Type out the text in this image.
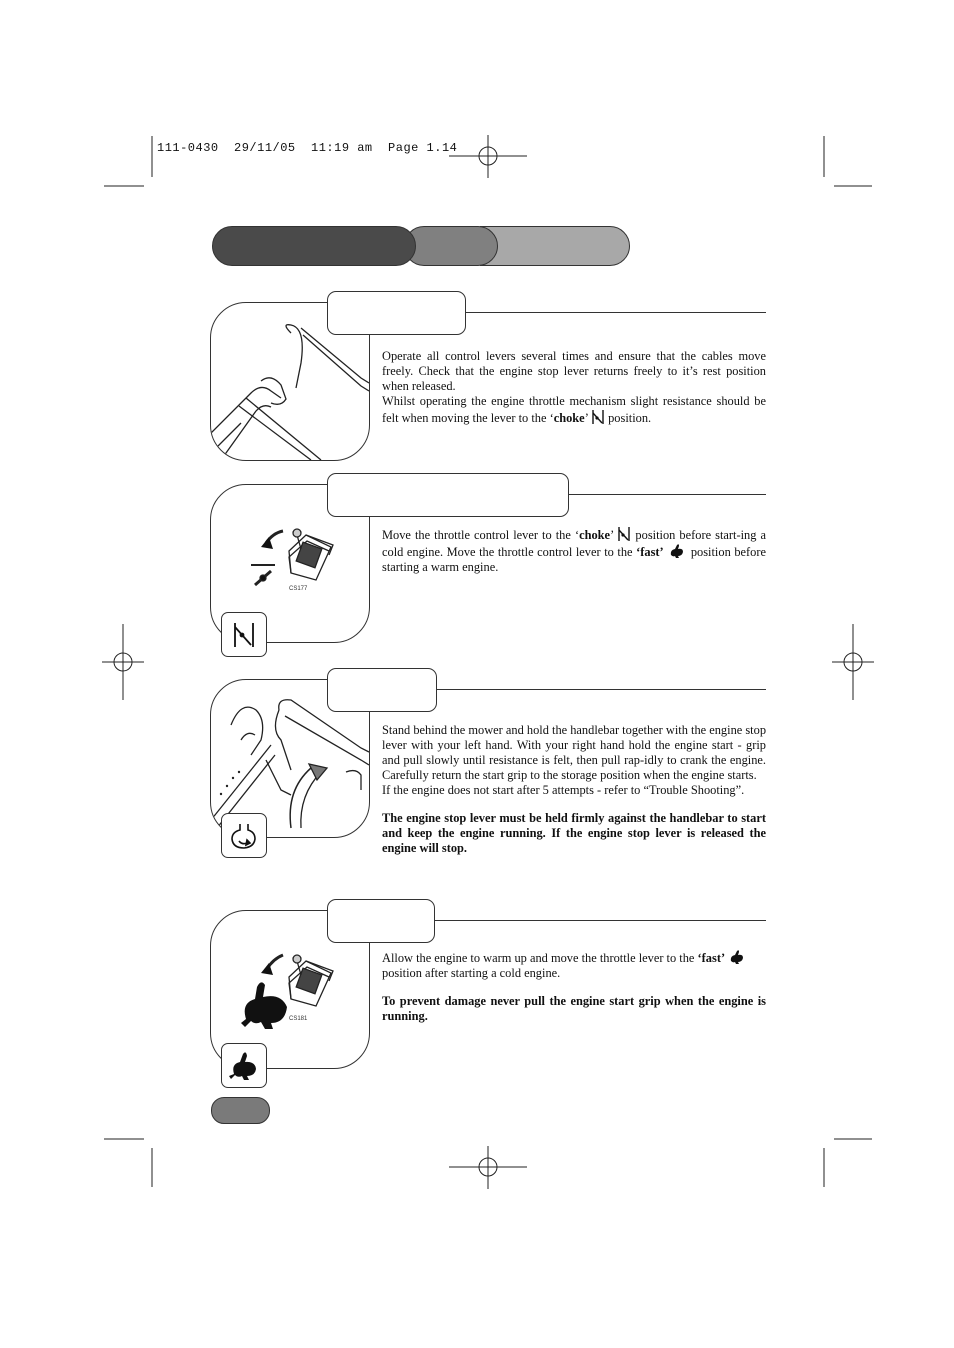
111-0430  29/11/05  11:19 am  Page 1.14

Operate all control levers several times and ensure that the cables move freely. Check that the engine stop lever returns freely to it’s rest position when released.

Whilst operating the engine throttle mechanism slight resistance should be felt when moving the lever to the ‘choke’  position.

CS177

Move the throttle control lever to the ‘choke’  position before start-ing a cold engine. Move the throttle control lever to the ‘fast’  position before starting a warm engine.

Stand behind the mower and hold the handlebar together with the engine stop lever with your left hand. With your right hand hold the engine start - grip and pull slowly until resistance is felt, then pull rap-idly to crank the engine. Carefully return the start grip to the storage position when the engine starts.

If the engine does not start after 5 attempts - refer to “Trouble Shooting”.

The engine stop lever must be held firmly against the handlebar to start and keep the engine running. If the engine stop lever is released the engine will stop.

CS181

Allow the engine to warm up and move the throttle lever to the ‘fast’  position after starting a cold engine.

To prevent damage never pull the engine start grip when the engine is running.
